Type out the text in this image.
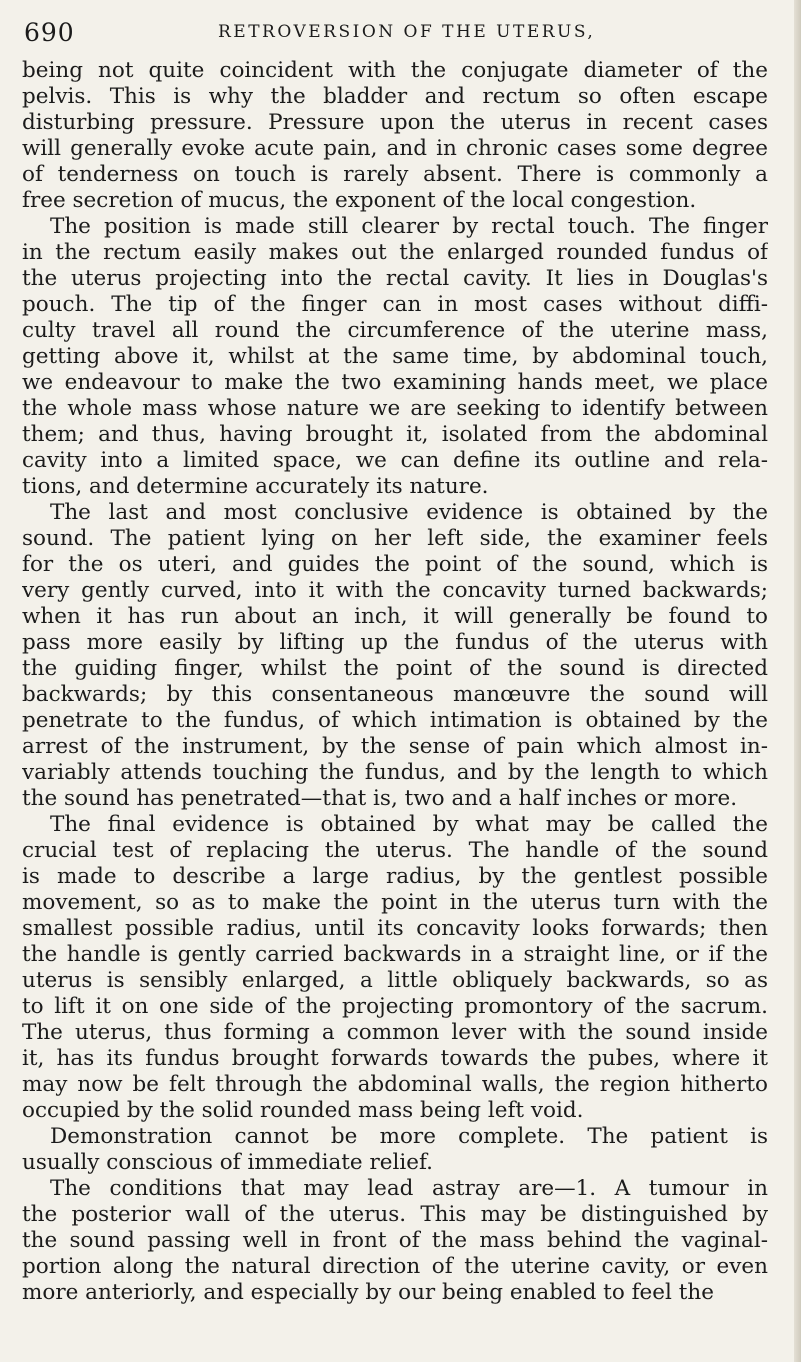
690	RETROVERSION OF THE UTERUS,
being not quite coincident with the conjugate diameter of the
pelvis. This is why the bladder and rectum so often escape
disturbing pressure. Pressure upon the uterus in recent cases
will generally evoke acute pain, and in chronic cases some degree
of tenderness on touch is rarely absent. There is commonly a
free secretion of mucus, the exponent of the local congestion.
The position is made still clearer by rectal touch. The finger
in the rectum easily makes out the enlarged rounded fundus of
the uterus projecting into the rectal cavity. It lies in Douglas's
pouch. The tip of the finger can in most cases without diffi-
culty travel all round the circumference of the uterine mass,
getting above it, whilst at the same time, by abdominal touch,
we endeavour to make the two examining hands meet, we place
the whole mass whose nature we are seeking to identify between
them; and thus, having brought it, isolated from the abdominal
cavity into a limited space, we can define its outline and rela-
tions, and determine accurately its nature.
The last and most conclusive evidence is obtained by the
sound. The patient lying on her left side, the examiner feels
for the os uteri, and guides the point of the sound, which is
very gently curved, into it with the concavity turned backwards;
when it has run about an inch, it will generally be found to
pass more easily by lifting up the fundus of the uterus with
the guiding finger, whilst the point of the sound is directed
backwards; by this consentaneous manœuvre the sound will
penetrate to the fundus, of which intimation is obtained by the
arrest of the instrument, by the sense of pain which almost in-
variably attends touching the fundus, and by the length to which
the sound has penetrated—that is, two and a half inches or more.
The final evidence is obtained by what may be called the
crucial test of replacing the uterus. The handle of the sound
is made to describe a large radius, by the gentlest possible
movement, so as to make the point in the uterus turn with the
smallest possible radius, until its concavity looks forwards; then
the handle is gently carried backwards in a straight line, or if the
uterus is sensibly enlarged, a little obliquely backwards, so as
to lift it on one side of the projecting promontory of the sacrum.
The uterus, thus forming a common lever with the sound inside
it, has its fundus brought forwards towards the pubes, where it
may now be felt through the abdominal walls, the region hitherto
occupied by the solid rounded mass being left void.
Demonstration cannot be more complete. The patient is
usually conscious of immediate relief.
The conditions that may lead astray are—1. A tumour in
the posterior wall of the uterus. This may be distinguished by
the sound passing well in front of the mass behind the vaginal-
portion along the natural direction of the uterine cavity, or even
more anteriorly, and especially by our being enabled to feel the
